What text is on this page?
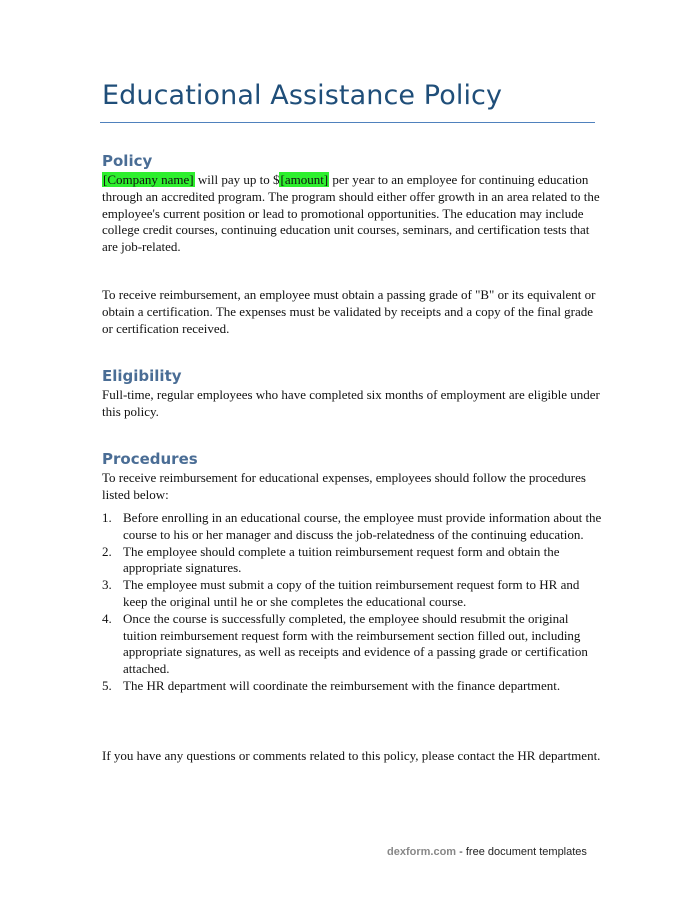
Educational Assistance Policy
Policy

[Company name] will pay up to $[amount] per year to an employee for continuing education through an accredited program. The program should either offer growth in an area related to the employee's current position or lead to promotional opportunities. The education may include college credit courses, continuing education unit courses, seminars, and certification tests that are job-related.

To receive reimbursement, an employee must obtain a passing grade of "B" or its equivalent or obtain a certification. The expenses must be validated by receipts and a copy of the final grade or certification received.

Eligibility

Full-time, regular employees who have completed six months of employment are eligible under this policy.

Procedures

To receive reimbursement for educational expenses, employees should follow the procedures listed below:

1. Before enrolling in an educational course, the employee must provide information about the course to his or her manager and discuss the job-relatedness of the continuing education.
2. The employee should complete a tuition reimbursement request form and obtain the appropriate signatures.
3. The employee must submit a copy of the tuition reimbursement request form to HR and keep the original until he or she completes the educational course.
4. Once the course is successfully completed, the employee should resubmit the original tuition reimbursement request form with the reimbursement section filled out, including appropriate signatures, as well as receipts and evidence of a passing grade or certification attached.
5. The HR department will coordinate the reimbursement with the finance department.

If you have any questions or comments related to this policy, please contact the HR department.

dexform.com - free document templates
